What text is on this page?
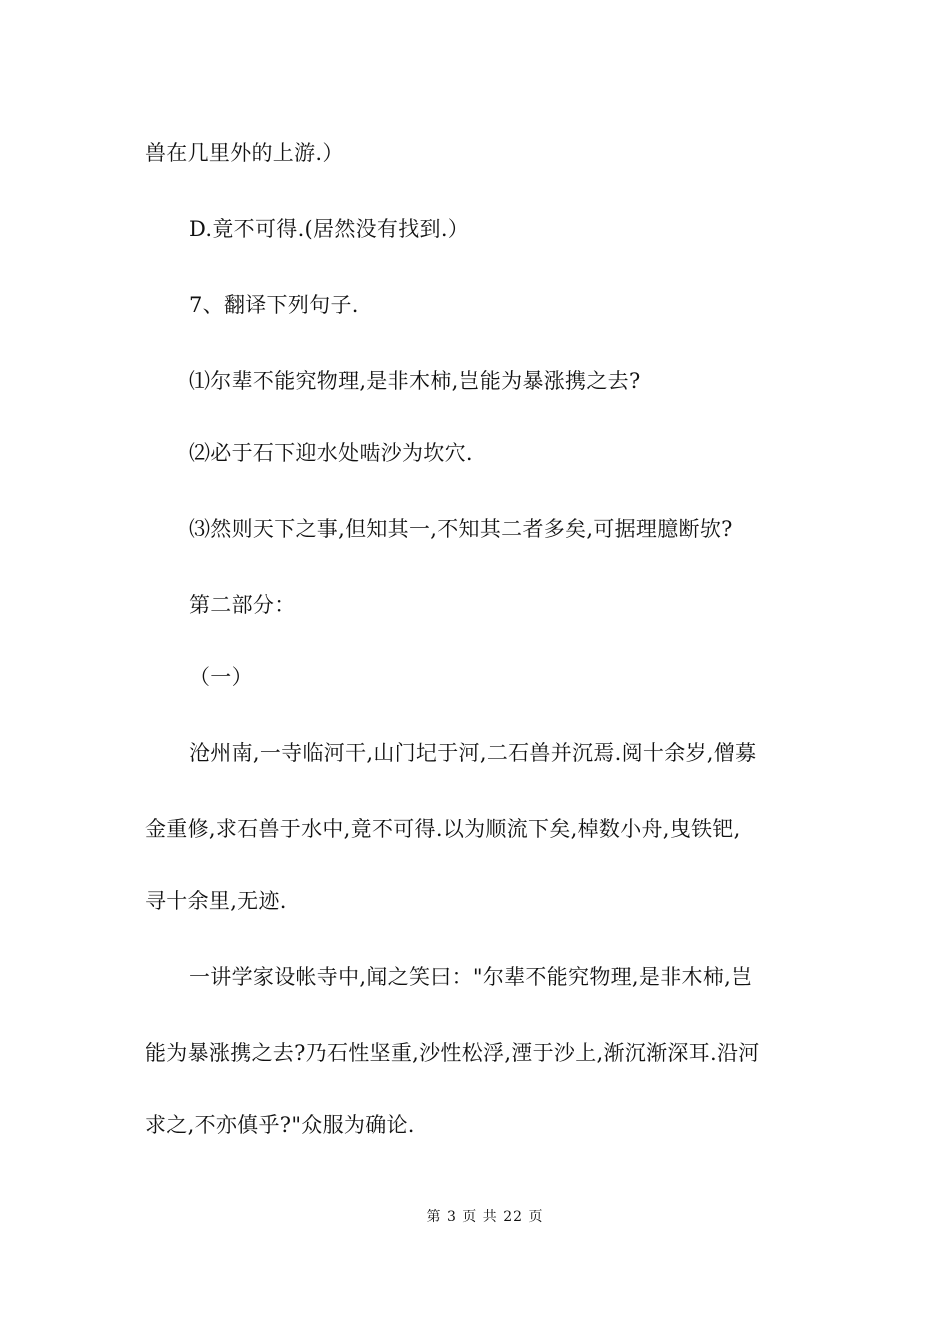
兽在几里外的上游.）
D.竟不可得.(居然没有找到.）
7、翻译下列句子.
⑴尔辈不能究物理,是非木柿,岂能为暴涨携之去?
⑵必于石下迎水处啮沙为坎穴.
⑶然则天下之事,但知其一,不知其二者多矣,可据理臆断欤?
第二部分：
（一）
沧州南,一寺临河干,山门圮于河,二石兽并沉焉.阅十余岁,僧募
金重修,求石兽于水中,竟不可得.以为顺流下矣,棹数小舟,曳铁钯,
寻十余里,无迹.
一讲学家设帐寺中,闻之笑曰："尔辈不能究物理,是非木柿,岂
能为暴涨携之去?乃石性坚重,沙性松浮,湮于沙上,渐沉渐深耳.沿河
求之,不亦傎乎?"众服为确论.
第 3 页 共 22 页
